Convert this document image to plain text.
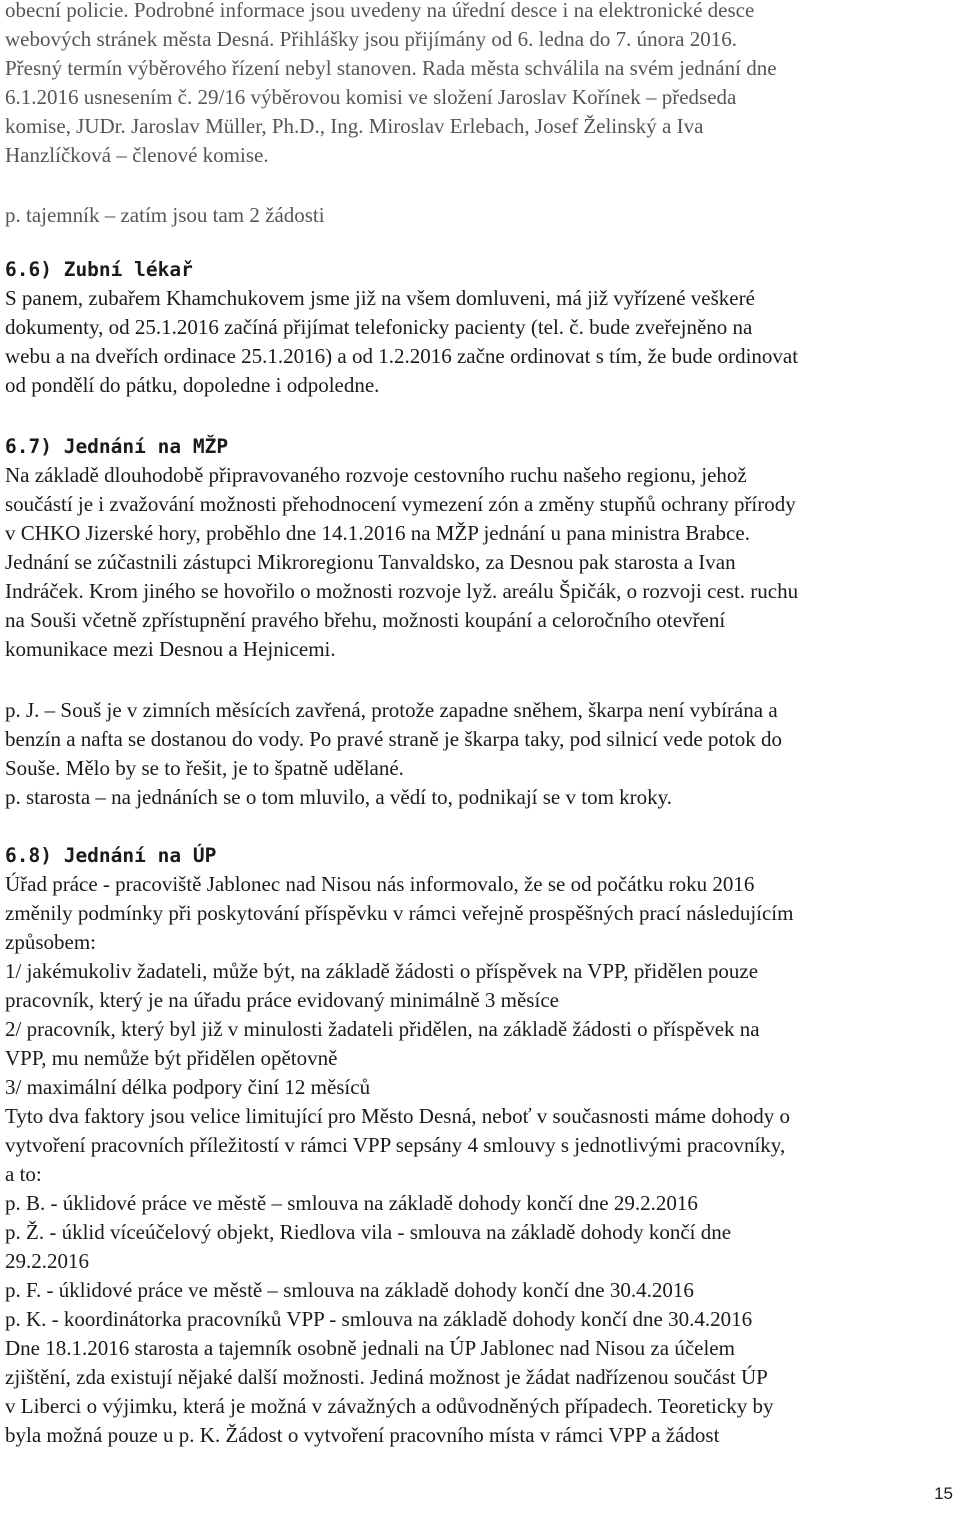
obecní policie. Podrobné informace jsou uvedeny na úřední desce i na elektronické desce
webových stránek města Desná. Přihlášky jsou přijímány od 6. ledna do 7. února 2016.
Přesný termín výběrového řízení nebyl stanoven. Rada města schválila na svém jednání dne
6.1.2016 usnesením č. 29/16 výběrovou komisi ve složení Jaroslav Kořínek – předseda
komise, JUDr. Jaroslav Müller, Ph.D., Ing. Miroslav Erlebach, Josef Želinský a Iva
Hanzlíčková – členové komise.
p. tajemník – zatím jsou tam 2 žádosti
6.6) Zubní lékař
S panem, zubařem Khamchukovem jsme již na všem domluveni, má již vyřízené veškeré
dokumenty, od 25.1.2016 začíná přijímat telefonicky pacienty (tel. č. bude zveřejněno na
webu a na dveřích ordinace 25.1.2016) a od 1.2.2016 začne ordinovat s tím, že bude ordinovat
od pondělí do pátku, dopoledne i odpoledne.
6.7) Jednání na MŽP
Na základě dlouhodobě připravovaného rozvoje cestovního ruchu našeho regionu, jehož
součástí je i zvažování možnosti přehodnocení vymezení zón a změny stupňů ochrany přírody
v CHKO Jizerské hory, proběhlo dne 14.1.2016 na MŽP jednání u pana ministra Brabce.
Jednání se zúčastnili zástupci Mikroregionu Tanvaldsko, za Desnou pak starosta a Ivan
Indráček. Krom jiného se hovořilo o možnosti rozvoje lyž. areálu Špičák, o rozvoji cest. ruchu
na Souši včetně zpřístupnění pravého břehu, možnosti koupání a celoročního otevření
komunikace mezi Desnou a Hejnicemi.
p. J. – Souš je v zimních měsících zavřená, protože zapadne sněhem, škarpa není vybírána a
benzín a nafta se dostanou do vody. Po pravé straně je škarpa taky, pod silnicí vede potok do
Souše. Mělo by se to řešit, je to špatně udělané.
p. starosta – na jednáních se o tom mluvilo, a vědí to, podnikají se v tom kroky.
6.8) Jednání na ÚP
Úřad práce - pracoviště Jablonec nad Nisou nás informovalo, že se od počátku roku 2016
změnily podmínky při poskytování příspěvku v rámci veřejně prospěšných prací následujícím
způsobem:
1/ jakémukoliv žadateli, může být, na základě žádosti o příspěvek na VPP, přidělen pouze
pracovník, který je na úřadu práce evidovaný minimálně 3 měsíce
2/ pracovník, který byl již v minulosti žadateli přidělen, na základě žádosti o příspěvek na
VPP, mu nemůže být přidělen opětovně
3/ maximální délka podpory činí 12 měsíců
Tyto dva faktory jsou velice limitující pro Město Desná, neboť v současnosti máme dohody o
vytvoření pracovních příležitostí v rámci VPP sepsány 4 smlouvy s jednotlivými pracovníky,
a to:
p. B. - úklidové práce ve městě – smlouva na základě dohody končí dne 29.2.2016
p. Ž. - úklid víceúčelový objekt, Riedlova vila - smlouva na základě dohody končí dne
29.2.2016
p. F. - úklidové práce ve městě – smlouva na základě dohody končí dne 30.4.2016
p. K. - koordinátorka pracovníků VPP - smlouva na základě dohody končí dne 30.4.2016
Dne 18.1.2016 starosta a tajemník osobně jednali na ÚP Jablonec nad Nisou za účelem
zjištění, zda existují nějaké další možnosti. Jediná možnost je žádat nadřízenou součást ÚP
v Liberci o výjimku, která je možná v závažných a odůvodněných případech. Teoreticky by
byla možná pouze u p. K. Žádost o vytvoření pracovního místa v rámci VPP a žádost
15
